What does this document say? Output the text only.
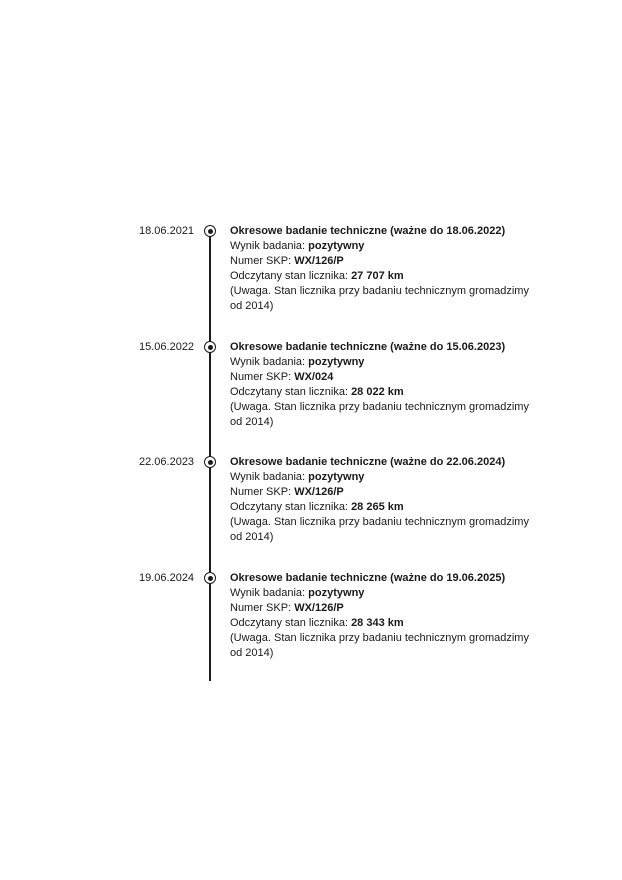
18.06.2021	Okresowe badanie techniczne (ważne do 18.06.2022)
Wynik badania: pozytywny
Numer SKP: WX/126/P
Odczytany stan licznika: 27 707 km
(Uwaga. Stan licznika przy badaniu technicznym gromadzimy od 2014)
15.06.2022	Okresowe badanie techniczne (ważne do 15.06.2023)
Wynik badania: pozytywny
Numer SKP: WX/024
Odczytany stan licznika: 28 022 km
(Uwaga. Stan licznika przy badaniu technicznym gromadzimy od 2014)
22.06.2023	Okresowe badanie techniczne (ważne do 22.06.2024)
Wynik badania: pozytywny
Numer SKP: WX/126/P
Odczytany stan licznika: 28 265 km
(Uwaga. Stan licznika przy badaniu technicznym gromadzimy od 2014)
19.06.2024	Okresowe badanie techniczne (ważne do 19.06.2025)
Wynik badania: pozytywny
Numer SKP: WX/126/P
Odczytany stan licznika: 28 343 km
(Uwaga. Stan licznika przy badaniu technicznym gromadzimy od 2014)
